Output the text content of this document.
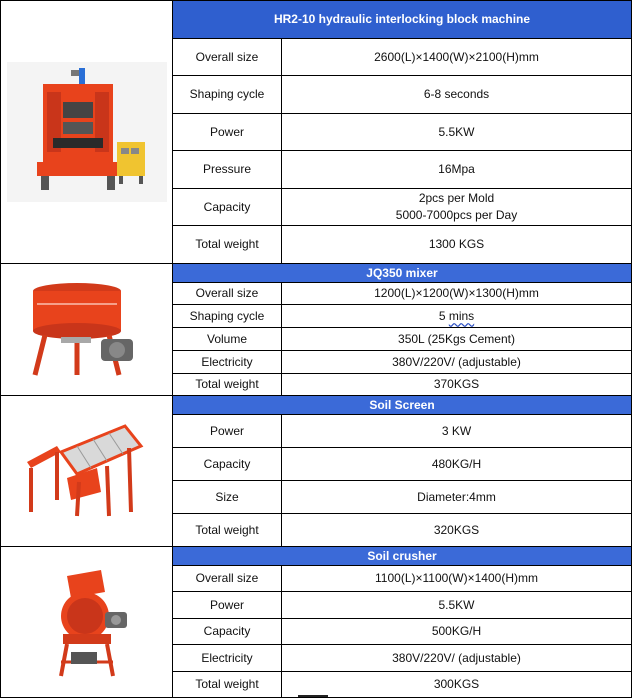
	HR2-10 hydraulic interlocking block machine	
	Overall size	2600(L)×1400(W)×2100(H)mm
	Shaping cycle	6-8 seconds
	Power	5.5KW
	Pressure	16Mpa
	Capacity	2pcs per Mold
5000-7000pcs per Day

	Total weight	1300 KGS

	JQ350 mixer	
	Overall size	1200(L)×1200(W)×1300(H)mm
	Shaping cycle	5 mins
	Volume	350L (25Kgs Cement)
	Electricity	380V/220V/ (adjustable)
	Total weight	370KGS

	Soil Screen	
	Power	3 KW
	Capacity	480KG/H
	Size	Diameter:4mm
	Total weight	320KGS

	Soil crusher	
	Overall size	1100(L)×1100(W)×1400(H)mm
	Power	5.5KW
	Capacity	500KG/H
	Electricity	380V/220V/ (adjustable)
	Total weight	300KGS
